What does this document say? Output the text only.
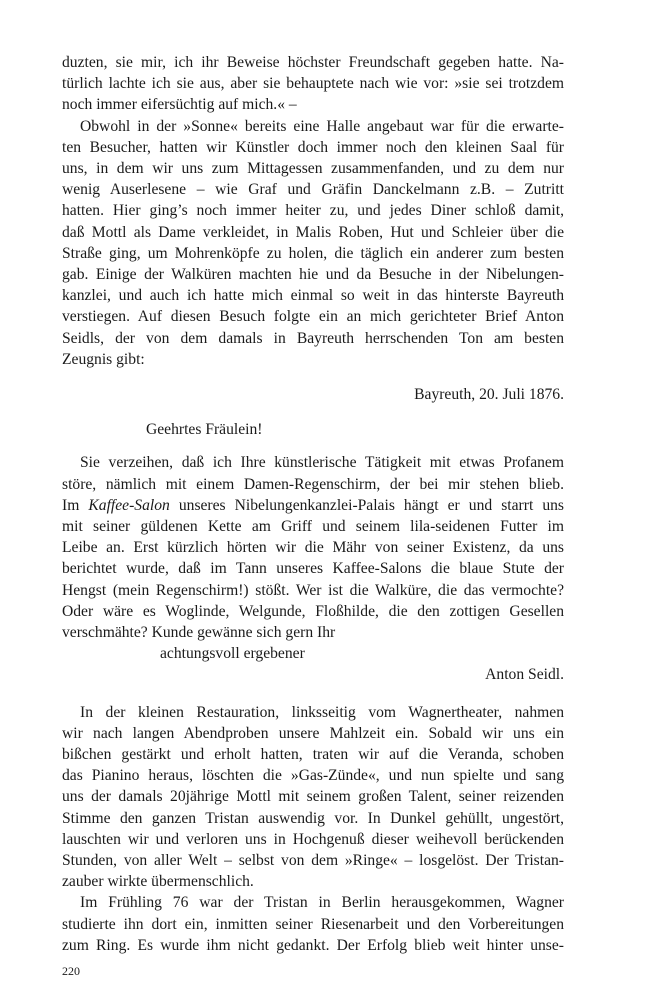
duzten, sie mir, ich ihr Beweise höchster Freundschaft gegeben hatte. Na-
türlich lachte ich sie aus, aber sie behauptete nach wie vor: »sie sei trotzdem
noch immer eifersüchtig auf mich.« –
Obwohl in der »Sonne« bereits eine Halle angebaut war für die erwarte-
ten Besucher, hatten wir Künstler doch immer noch den kleinen Saal für
uns, in dem wir uns zum Mittagessen zusammenfanden, und zu dem nur
wenig Auserlesene – wie Graf und Gräfin Danckelmann z.B. – Zutritt
hatten. Hier ging’s noch immer heiter zu, und jedes Diner schloß damit,
daß Mottl als Dame verkleidet, in Malis Roben, Hut und Schleier über die
Straße ging, um Mohrenköpfe zu holen, die täglich ein anderer zum besten
gab. Einige der Walküren machten hie und da Besuche in der Nibelungen-
kanzlei, und auch ich hatte mich einmal so weit in das hinterste Bayreuth
verstiegen. Auf diesen Besuch folgte ein an mich gerichteter Brief Anton
Seidls, der von dem damals in Bayreuth herrschenden Ton am besten
Zeugnis gibt:
Bayreuth, 20. Juli 1876.
Geehrtes Fräulein!
Sie verzeihen, daß ich Ihre künstlerische Tätigkeit mit etwas Profanem
störe, nämlich mit einem Damen-Regenschirm, der bei mir stehen blieb.
Im Kaffee-Salon unseres Nibelungenkanzlei-Palais hängt er und starrt uns
mit seiner güldenen Kette am Griff und seinem lila-seidenen Futter im
Leibe an. Erst kürzlich hörten wir die Mähr von seiner Existenz, da uns
berichtet wurde, daß im Tann unseres Kaffee-Salons die blaue Stute der
Hengst (mein Regenschirm!) stößt. Wer ist die Walküre, die das vermochte?
Oder wäre es Woglinde, Welgunde, Floßhilde, die den zottigen Gesellen
verschmähte? Kunde gewänne sich gern Ihr
achtungsvoll ergebener
Anton Seidl.
In der kleinen Restauration, linksseitig vom Wagnertheater, nahmen
wir nach langen Abendproben unsere Mahlzeit ein. Sobald wir uns ein
bißchen gestärkt und erholt hatten, traten wir auf die Veranda, schoben
das Pianino heraus, löschten die »Gas-Zünde«, und nun spielte und sang
uns der damals 20jährige Mottl mit seinem großen Talent, seiner reizenden
Stimme den ganzen Tristan auswendig vor. In Dunkel gehüllt, ungestört,
lauschten wir und verloren uns in Hochgenuß dieser weihevoll berückenden
Stunden, von aller Welt – selbst von dem »Ringe« – losgelöst. Der Tristan-
zauber wirkte übermenschlich.
Im Frühling 76 war der Tristan in Berlin herausgekommen, Wagner
studierte ihn dort ein, inmitten seiner Riesenarbeit und den Vorbereitungen
zum Ring. Es wurde ihm nicht gedankt. Der Erfolg blieb weit hinter unse-
220
